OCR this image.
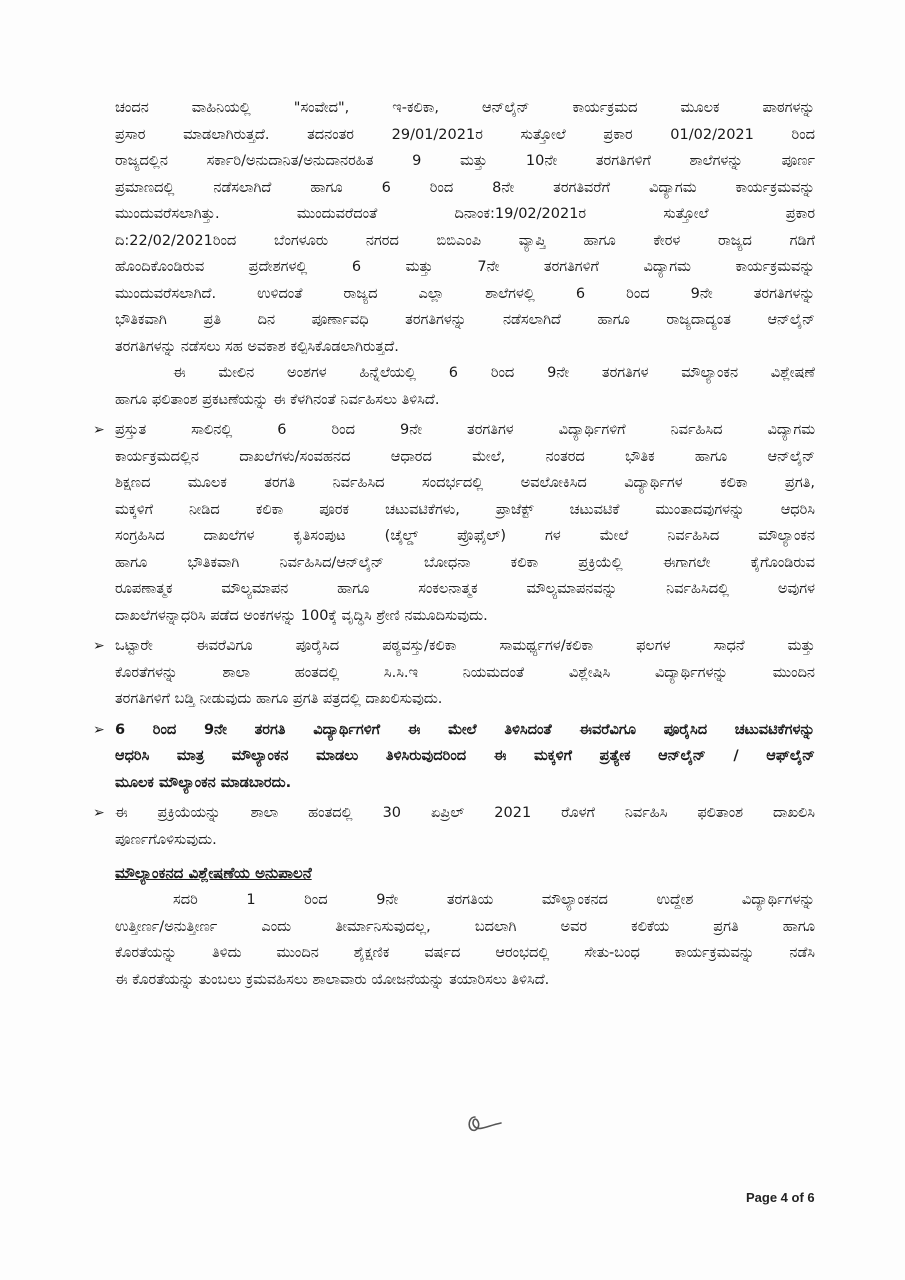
ಚಂದನ ವಾಹಿನಿಯಲ್ಲಿ "ಸಂವೇದ", ಇ-ಕಲಿಕಾ, ಆನ್‌ಲೈನ್ ಕಾರ್ಯಕ್ರಮದ ಮೂಲಕ ಪಾಠಗಳನ್ನು
ಪ್ರಸಾರ ಮಾಡಲಾಗಿರುತ್ತದೆ. ತದನಂತರ 29/01/2021ರ ಸುತ್ತೋಲೆ ಪ್ರಕಾರ 01/02/2021 ರಿಂದ
ರಾಜ್ಯದಲ್ಲಿನ ಸರ್ಕಾರಿ/ಅನುದಾನಿತ/ಅನುದಾನರಹಿತ 9 ಮತ್ತು 10ನೇ ತರಗತಿಗಳಿಗೆ ಶಾಲೆಗಳನ್ನು ಪೂರ್ಣ
ಪ್ರಮಾಣದಲ್ಲಿ ನಡೆಸಲಾಗಿದೆ ಹಾಗೂ 6 ರಿಂದ 8ನೇ ತರಗತಿವರೆಗೆ ವಿದ್ಯಾಗಮ ಕಾರ್ಯಕ್ರಮವನ್ನು
ಮುಂದುವರೆಸಲಾಗಿತ್ತು. ಮುಂದುವರೆದಂತೆ ದಿನಾಂಕ:19/02/2021ರ ಸುತ್ತೋಲೆ ಪ್ರಕಾರ
ದಿ:22/02/2021ರಿಂದ ಬೆಂಗಳೂರು ನಗರದ ಬಿಬಿಎಂಪಿ ವ್ಯಾಪ್ತಿ ಹಾಗೂ ಕೇರಳ ರಾಜ್ಯದ ಗಡಿಗೆ
ಹೊಂದಿಕೊಂಡಿರುವ ಪ್ರದೇಶಗಳಲ್ಲಿ 6 ಮತ್ತು 7ನೇ ತರಗತಿಗಳಿಗೆ ವಿದ್ಯಾಗಮ ಕಾರ್ಯಕ್ರಮವನ್ನು
ಮುಂದುವರೆಸಲಾಗಿದೆ. ಉಳಿದಂತೆ ರಾಜ್ಯದ ಎಲ್ಲಾ ಶಾಲೆಗಳಲ್ಲಿ 6 ರಿಂದ 9ನೇ ತರಗತಿಗಳನ್ನು
ಭೌತಿಕವಾಗಿ ಪ್ರತಿ ದಿನ ಪೂರ್ಣಾವಧಿ ತರಗತಿಗಳನ್ನು ನಡೆಸಲಾಗಿದೆ ಹಾಗೂ ರಾಜ್ಯದಾದ್ಯಂತ ಆನ್‌ಲೈನ್
ತರಗತಿಗಳನ್ನು ನಡೆಸಲು ಸಹ ಅವಕಾಶ ಕಲ್ಪಿಸಿಕೊಡಲಾಗಿರುತ್ತದೆ.
ಈ ಮೇಲಿನ ಅಂಶಗಳ ಹಿನ್ನೆಲೆಯಲ್ಲಿ 6 ರಿಂದ 9ನೇ ತರಗತಿಗಳ ಮೌಲ್ಯಾಂಕನ ವಿಶ್ಲೇಷಣೆ
ಹಾಗೂ ಫಲಿತಾಂಶ ಪ್ರಕಟಣೆಯನ್ನು ಈ ಕೆಳಗಿನಂತೆ ನಿರ್ವಹಿಸಲು ತಿಳಿಸಿದೆ.
➢ ಪ್ರಸ್ತುತ ಸಾಲಿನಲ್ಲಿ 6 ರಿಂದ 9ನೇ ತರಗತಿಗಳ ವಿದ್ಯಾರ್ಥಿಗಳಿಗೆ ನಿರ್ವಹಿಸಿದ ವಿದ್ಯಾಗಮ
ಕಾರ್ಯಕ್ರಮದಲ್ಲಿನ ದಾಖಲೆಗಳು/ಸಂವಹನದ ಆಧಾರದ ಮೇಲೆ, ನಂತರದ ಭೌತಿಕ ಹಾಗೂ ಆನ್‌ಲೈನ್
ಶಿಕ್ಷಣದ ಮೂಲಕ ತರಗತಿ ನಿರ್ವಹಿಸಿದ ಸಂದರ್ಭದಲ್ಲಿ ಅವಲೋಕಿಸಿದ ವಿದ್ಯಾರ್ಥಿಗಳ ಕಲಿಕಾ ಪ್ರಗತಿ,
ಮಕ್ಕಳಿಗೆ ನೀಡಿದ ಕಲಿಕಾ ಪೂರಕ ಚಟುವಟಿಕೆಗಳು, ಪ್ರಾಜೆಕ್ಟ್ ಚಟುವಟಿಕೆ ಮುಂತಾದವುಗಳನ್ನು ಆಧರಿಸಿ
ಸಂಗ್ರಹಿಸಿದ ದಾಖಲೆಗಳ ಕೃತಿಸಂಪುಟ (ಚೈಲ್ಡ್ ಪ್ರೊಫೈಲ್) ಗಳ ಮೇಲೆ ನಿರ್ವಹಿಸಿದ ಮೌಲ್ಯಾಂಕನ
ಹಾಗೂ ಭೌತಿಕವಾಗಿ ನಿರ್ವಹಿಸಿದ/ಆನ್‌ಲೈನ್ ಬೋಧನಾ ಕಲಿಕಾ ಪ್ರಕ್ರಿಯೆಲ್ಲಿ ಈಗಾಗಲೇ ಕೈಗೊಂಡಿರುವ
ರೂಪಣಾತ್ಮಕ ಮೌಲ್ಯಮಾಪನ ಹಾಗೂ ಸಂಕಲನಾತ್ಮಕ ಮೌಲ್ಯಮಾಪನವನ್ನು ನಿರ್ವಹಿಸಿದಲ್ಲಿ ಅವುಗಳ
ದಾಖಲೆಗಳನ್ನಾಧರಿಸಿ ಪಡೆದ ಅಂಕಗಳನ್ನು 100ಕ್ಕೆ ವೃದ್ಧಿಸಿ ಶ್ರೇಣಿ ನಮೂದಿಸುವುದು.
➢ ಒಟ್ಟಾರೇ ಈವರೆವಿಗೂ ಪೂರೈಸಿದ ಪಠ್ಯವಸ್ತು/ಕಲಿಕಾ ಸಾಮರ್ಥ್ಯಗಳ/ಕಲಿಕಾ ಫಲಗಳ ಸಾಧನೆ ಮತ್ತು
ಕೊರತೆಗಳನ್ನು ಶಾಲಾ ಹಂತದಲ್ಲಿ ಸಿ.ಸಿ.ಇ ನಿಯಮದಂತೆ ವಿಶ್ಲೇಷಿಸಿ ವಿದ್ಯಾರ್ಥಿಗಳನ್ನು ಮುಂದಿನ
ತರಗತಿಗಳಿಗೆ ಬಡ್ತಿ ನೀಡುವುದು ಹಾಗೂ ಪ್ರಗತಿ ಪತ್ರದಲ್ಲಿ ದಾಖಲಿಸುವುದು.
➢ 6 ರಿಂದ 9ನೇ ತರಗತಿ ವಿದ್ಯಾರ್ಥಿಗಳಿಗೆ ಈ ಮೇಲೆ ತಿಳಿಸಿದಂತೆ ಈವರೆವಿಗೂ ಪೂರೈಸಿದ ಚಟುವಟಿಕೆಗಳನ್ನು
ಆಧರಿಸಿ ಮಾತ್ರ ಮೌಲ್ಯಾಂಕನ ಮಾಡಲು ತಿಳಿಸಿರುವುದರಿಂದ ಈ ಮಕ್ಕಳಿಗೆ ಪ್ರತ್ಯೇಕ ಆನ್‌ಲೈನ್ / ಆಫ್‌ಲೈನ್
ಮೂಲಕ ಮೌಲ್ಯಾಂಕನ ಮಾಡಬಾರದು.
➢ ಈ ಪ್ರಕ್ರಿಯೆಯನ್ನು ಶಾಲಾ ಹಂತದಲ್ಲಿ 30 ಏಪ್ರಿಲ್ 2021 ರೊಳಗೆ ನಿರ್ವಹಿಸಿ ಫಲಿತಾಂಶ ದಾಖಲಿಸಿ
ಪೂರ್ಣಗೊಳಿಸುವುದು.
ಮೌಲ್ಯಾಂಕನದ ವಿಶ್ಲೇಷಣೆಯ ಅನುಪಾಲನೆ
ಸದರಿ 1 ರಿಂದ 9ನೇ ತರಗತಿಯ ಮೌಲ್ಯಾಂಕನದ ಉದ್ದೇಶ ವಿದ್ಯಾರ್ಥಿಗಳನ್ನು
ಉತ್ತೀರ್ಣ/ಅನುತ್ತೀರ್ಣ ಎಂದು ತೀರ್ಮಾನಿಸುವುದಲ್ಲ, ಬದಲಾಗಿ ಅವರ ಕಲಿಕೆಯ ಪ್ರಗತಿ ಹಾಗೂ
ಕೊರತೆಯನ್ನು ತಿಳಿದು ಮುಂದಿನ ಶೈಕ್ಷಣಿಕ ವರ್ಷದ ಆರಂಭದಲ್ಲಿ ಸೇತು-ಬಂಧ ಕಾರ್ಯಕ್ರಮವನ್ನು ನಡೆಸಿ
ಈ ಕೊರತೆಯನ್ನು ತುಂಬಲು ಕ್ರಮವಹಿಸಲು ಶಾಲಾವಾರು ಯೋಜನೆಯನ್ನು ತಯಾರಿಸಲು ತಿಳಿಸಿದೆ.
Page 4 of 6
